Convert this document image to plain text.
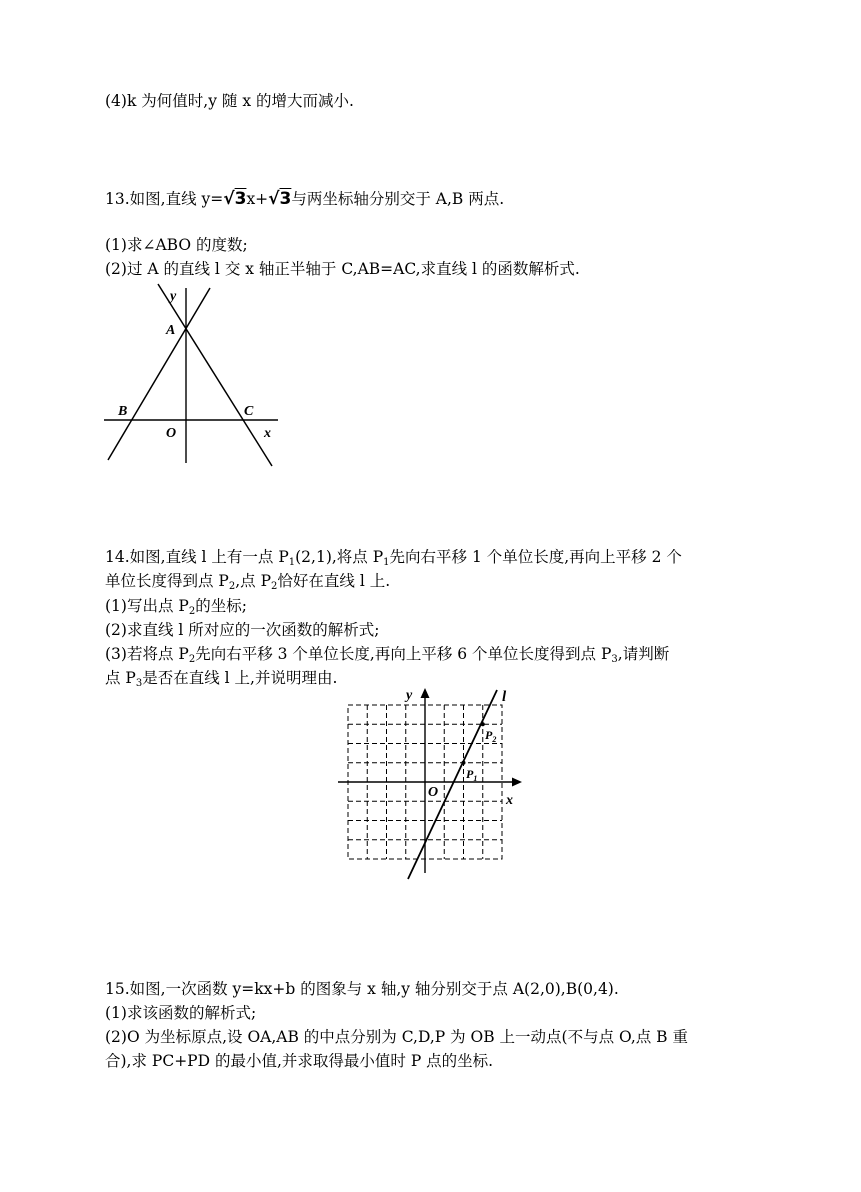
(4)k 为何值时,y 随 x 的增大而减小.
13.如图,直线 y=√3x+√3与两坐标轴分别交于 A,B 两点.
(1)求∠ABO 的度数;
(2)过 A 的直线 l 交 x 轴正半轴于 C,AB=AC,求直线 l 的函数解析式.
y
A
B	C
O	x
14.如图,直线 l 上有一点 $P_1(2,1)$,将点 $P_1$先向右平移 1 个单位长度,再向上平移 2 个
单位长度得到点 $P_2$,点 $P_2$恰好在直线 l 上.
(1)写出点 $P_2$的坐标;
(2)求直线 l 所对应的一次函数的解析式;
(3)若将点 $P_2$先向右平移 3 个单位长度,再向上平移 6 个单位长度得到点 $P_3$,请判断
点 $P_3$是否在直线 l 上,并说明理由.
y	l
$P_2$
$P_1$
O
x
15.如图,一次函数 y=kx+b 的图象与 x 轴,y 轴分别交于点 A(2,0),B(0,4).
(1)求该函数的解析式;
(2)O 为坐标原点,设 OA,AB 的中点分别为 C,D,P 为 OB 上一动点(不与点 O,点 B 重
合),求 PC+PD 的最小值,并求取得最小值时 P 点的坐标.
